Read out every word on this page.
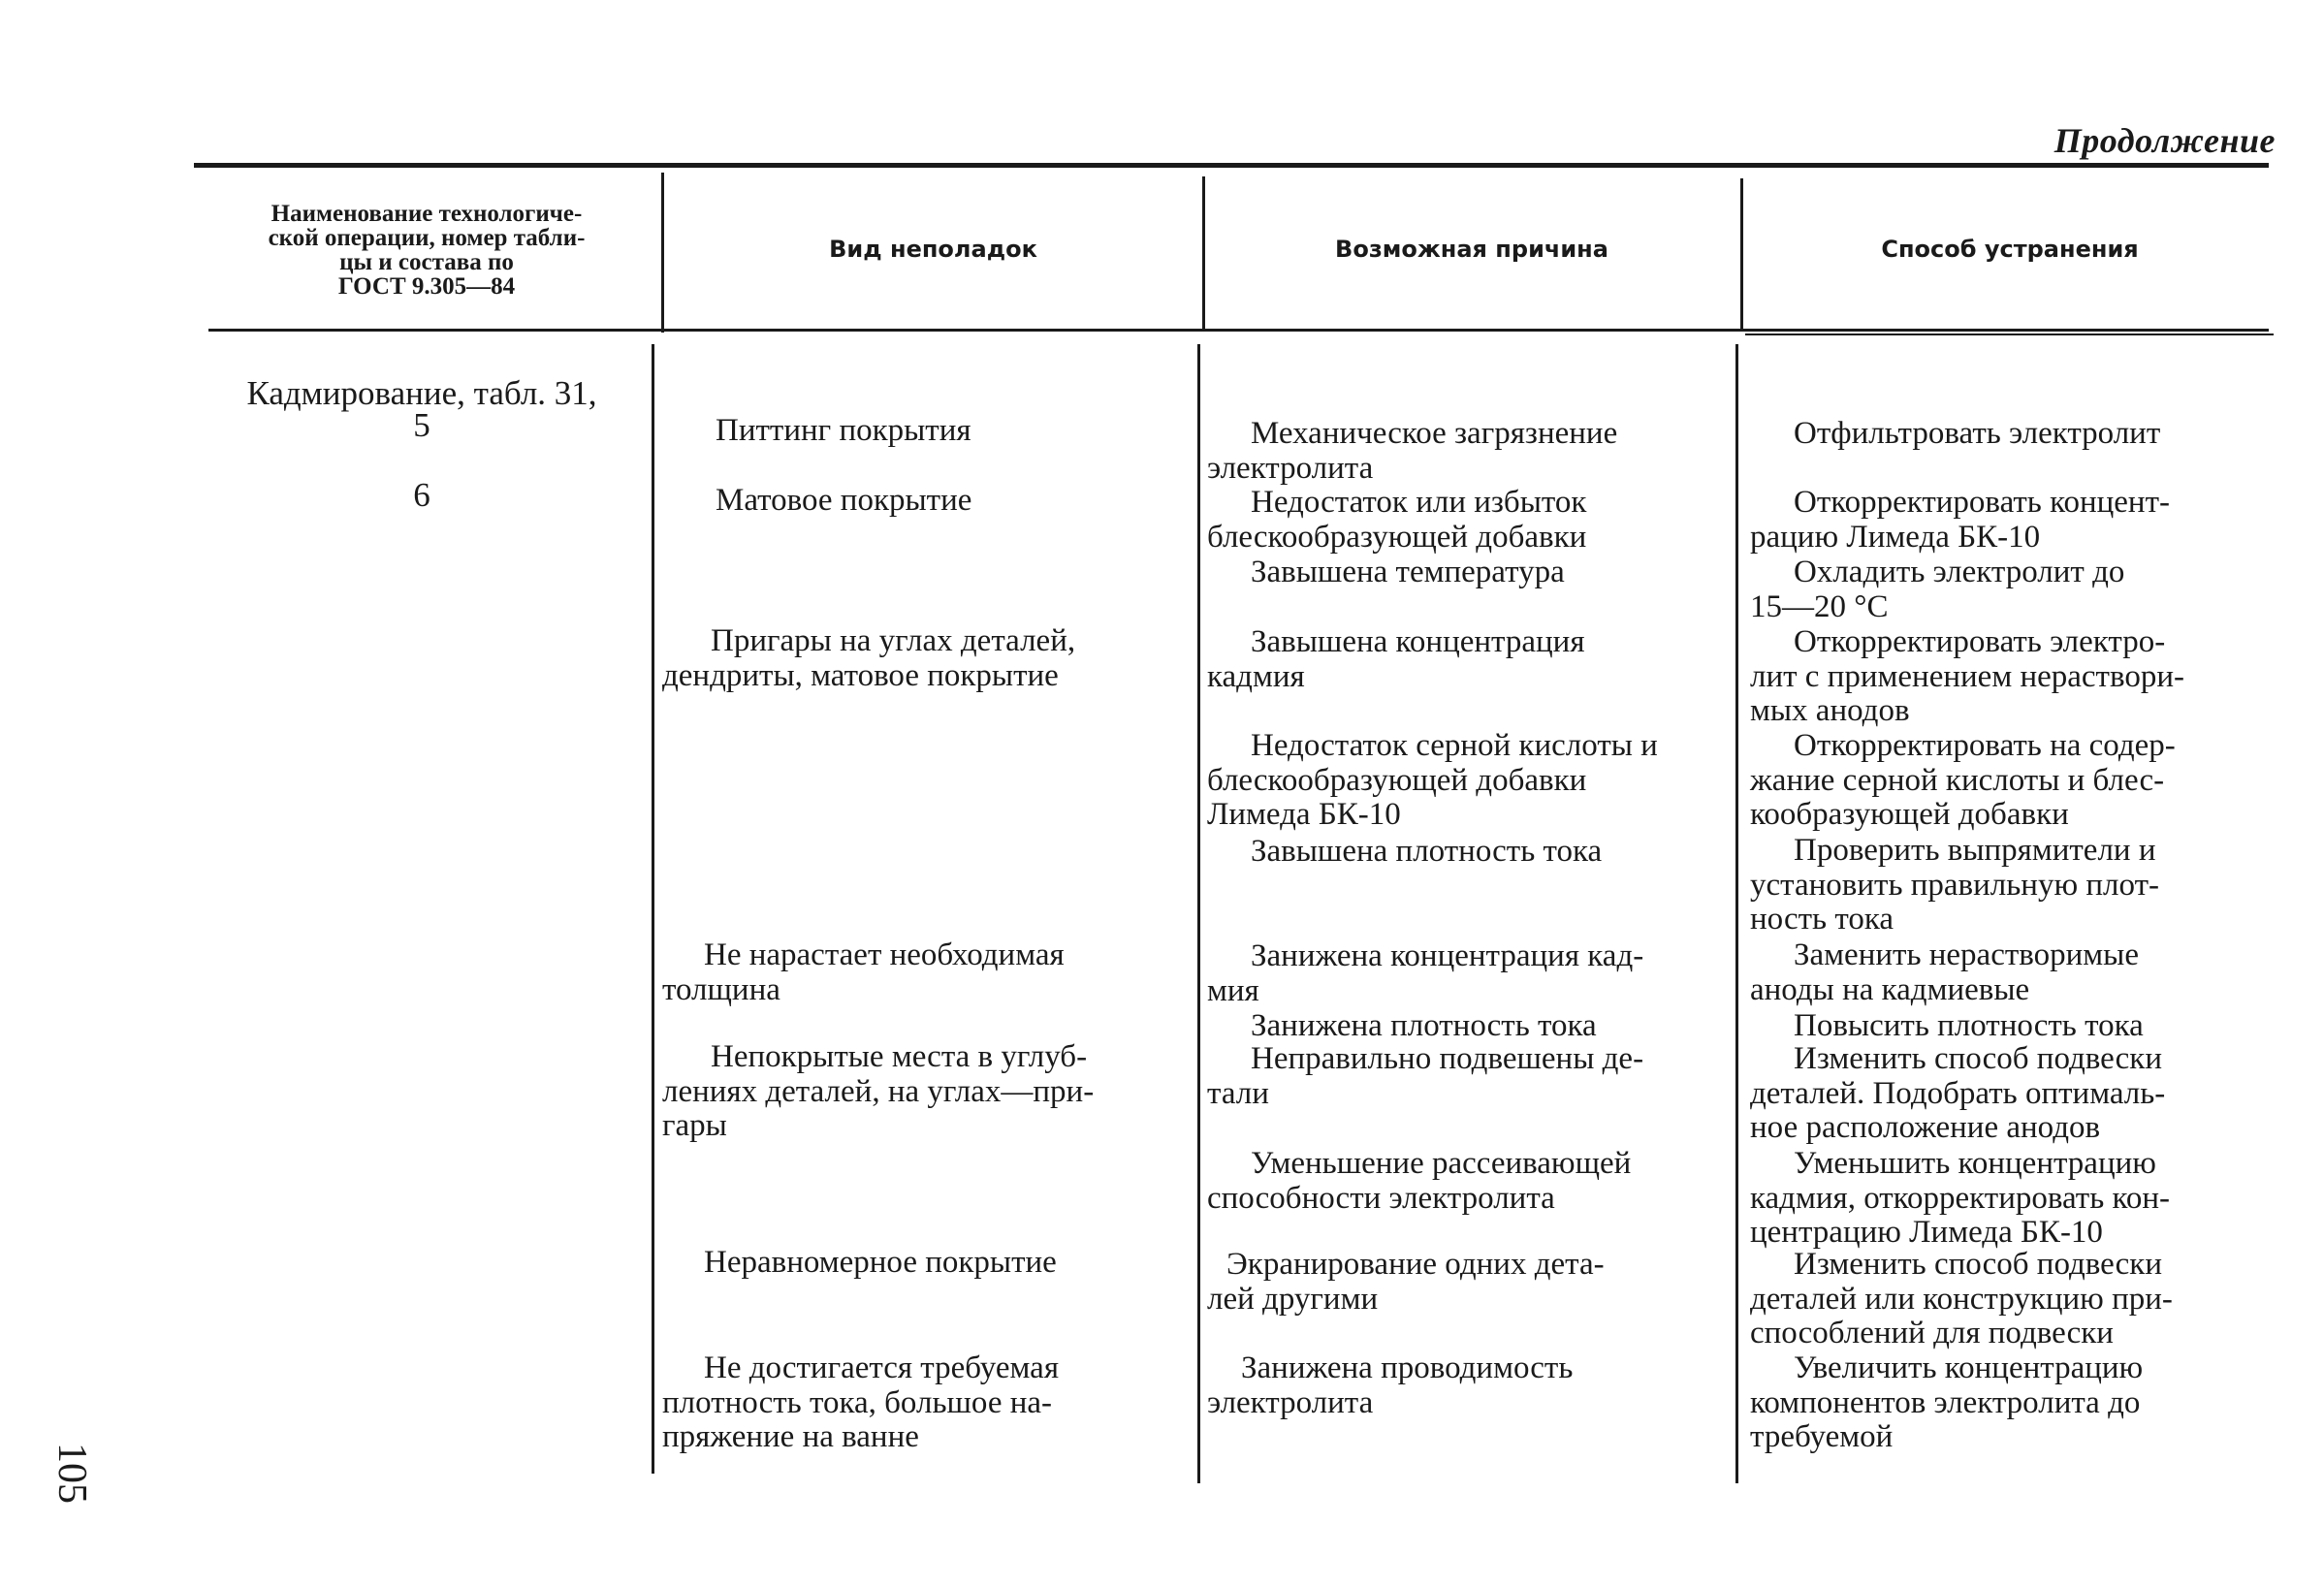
Продолжение
Наименование технологиче-
ской операции, номер табли-
цы и состава по
ГОСТ 9.305—84
Вид неполадок	Возможная причина	Способ устранения
Кадмирование, табл. 31,
5
6
Питтинг покрытия
Матовое покрытие
Пригары на углах деталей,
дендриты, матовое покрытие
Не нарастает необходимая
толщина
Непокрытые места в углуб-
лениях деталей, на углах—при-
гары
Неравномерное покрытие
Не достигается требуемая
плотность тока, большое на-
пряжение на ванне
Механическое загрязнение
электролита
Недостаток или избыток
блескообразующей добавки
Завышена температура
Завышена концентрация
кадмия
Недостаток серной кислоты и
блескообразующей добавки
Лимеда БК-10
Завышена плотность тока
Занижена концентрация кад-
мия
Занижена плотность тока
Неправильно подвешены де-
тали
Уменьшение рассеивающей
способности электролита
Экранирование одних дета-
лей другими
Занижена проводимость
электролита
Отфильтровать электролит
Откорректировать концент-
рацию Лимеда БК-10
Охладить электролит до
15—20 °С
Откорректировать электро-
лит с применением нераствори-
мых анодов
Откорректировать на содер-
жание серной кислоты и блес-
кообразующей добавки
Проверить выпрямители и
установить правильную плот-
ность тока
Заменить нерастворимые
аноды на кадмиевые
Повысить плотность тока
Изменить способ подвески
деталей. Подобрать оптималь-
ное расположение анодов
Уменьшить концентрацию
кадмия, откорректировать кон-
центрацию Лимеда БК-10
Изменить способ подвески
деталей или конструкцию при-
способлений для подвески
Увеличить концентрацию
компонентов электролита до
требуемой
105
